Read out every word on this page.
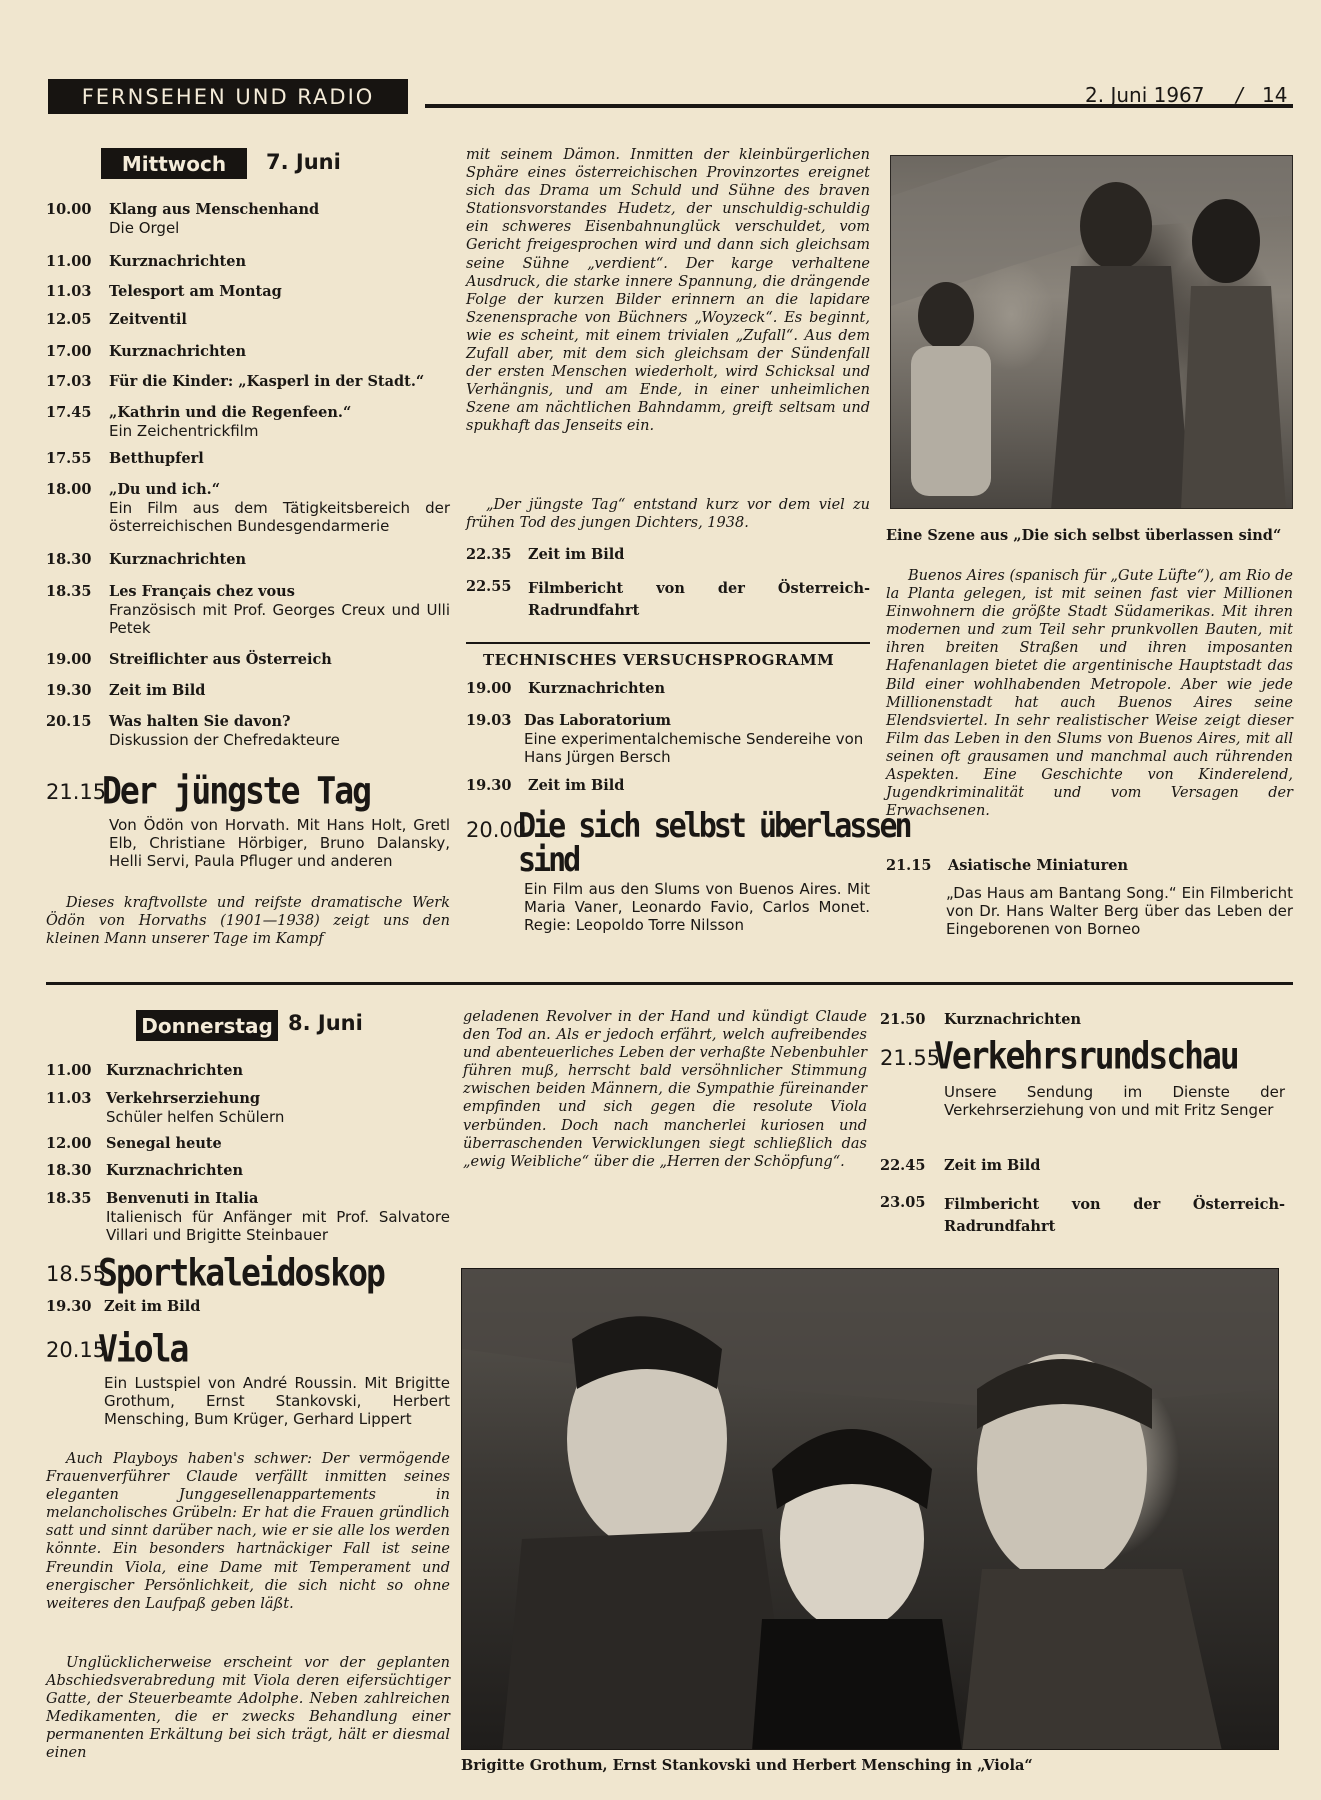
FERNSEHEN UND RADIO	2. Juni 1967 / 14
Mittwoch	7. Juni
10.00 Klang aus Menschenhand
Die Orgel
11.00 Kurznachrichten
11.03 Telesport am Montag
12.05 Zeitventil
17.00 Kurznachrichten
17.03 Für die Kinder: „Kasperl in der Stadt.“
17.45 „Kathrin und die Regenfeen.“
Ein Zeichentrickfilm
17.55 Betthupferl
18.00 „Du und ich.“
Ein Film aus dem Tätigkeitsbereich der österreichischen Bundesgendarmerie
18.30 Kurznachrichten
18.35 Les Français chez vous
Französisch mit Prof. Georges Creux und Ulli Petek
19.00 Streiflichter aus Österreich
19.30 Zeit im Bild
20.15 Was halten Sie davon?
Diskussion der Chefredakteure
21.15
Der jüngste Tag
Von Ödön von Horvath. Mit Hans Holt, Gretl Elb, Christiane Hörbiger, Bruno Dalansky, Helli Servi, Paula Pfluger und anderen
Dieses kraftvollste und reifste dramatische Werk Ödön von Horvaths (1901—1938) zeigt uns den kleinen Mann unserer Tage im Kampf
mit seinem Dämon. Inmitten der kleinbürgerlichen Sphäre eines österreichischen Provinzortes ereignet sich das Drama um Schuld und Sühne des braven Stationsvorstandes Hudetz, der unschuldig-schuldig ein schweres Eisenbahnunglück verschuldet, vom Gericht freigesprochen wird und dann sich gleichsam seine Sühne „verdient“. Der karge verhaltene Ausdruck, die starke innere Spannung, die drängende Folge der kurzen Bilder erinnern an die lapidare Szenensprache von Büchners „Woyzeck“. Es beginnt, wie es scheint, mit einem trivialen „Zufall“. Aus dem Zufall aber, mit dem sich gleichsam der Sündenfall der ersten Menschen wiederholt, wird Schicksal und Verhängnis, und am Ende, in einer unheimlichen Szene am nächtlichen Bahndamm, greift seltsam und spukhaft das Jenseits ein.
„Der jüngste Tag“ entstand kurz vor dem viel zu frühen Tod des jungen Dichters, 1938.
22.35 Zeit im Bild
22.55 Filmbericht von der Österreich-Radrundfahrt
TECHNISCHES VERSUCHSPROGRAMM
19.00 Kurznachrichten
19.03 Das Laboratorium
Eine experimentalchemische Sendereihe von Hans Jürgen Bersch
19.30 Zeit im Bild
20.00
Die sich selbst überlassen
sind
Ein Film aus den Slums von Buenos Aires. Mit Maria Vaner, Leonardo Favio, Carlos Monet. Regie: Leopoldo Torre Nilsson
Eine Szene aus „Die sich selbst überlassen sind“
Buenos Aires (spanisch für „Gute Lüfte“), am Rio de la Planta gelegen, ist mit seinen fast vier Millionen Einwohnern die größte Stadt Südamerikas. Mit ihren modernen und zum Teil sehr prunkvollen Bauten, mit ihren breiten Straßen und ihren imposanten Hafenanlagen bietet die argentinische Hauptstadt das Bild einer wohlhabenden Metropole. Aber wie jede Millionenstadt hat auch Buenos Aires seine Elendsviertel. In sehr realistischer Weise zeigt dieser Film das Leben in den Slums von Buenos Aires, mit all seinen oft grausamen und manchmal auch rührenden Aspekten. Eine Geschichte von Kinderelend, Jugendkriminalität und vom Versagen der Erwachsenen.
21.15 Asiatische Miniaturen
„Das Haus am Bantang Song.“ Ein Filmbericht von Dr. Hans Walter Berg über das Leben der Eingeborenen von Borneo
Donnerstag 8. Juni
11.00 Kurznachrichten
11.03 Verkehrserziehung
Schüler helfen Schülern
12.00 Senegal heute
18.30 Kurznachrichten
18.35 Benvenuti in Italia
Italienisch für Anfänger mit Prof. Salvatore Villari und Brigitte Steinbauer
18.55
Sportkaleidoskop
19.30 Zeit im Bild
20.15
Viola
Ein Lustspiel von André Roussin. Mit Brigitte Grothum, Ernst Stankovski, Herbert Mensching, Bum Krüger, Gerhard Lippert
Auch Playboys haben's schwer: Der vermögende Frauenverführer Claude verfällt inmitten seines eleganten Junggesellenappartements in melancholisches Grübeln: Er hat die Frauen gründlich satt und sinnt darüber nach, wie er sie alle los werden könnte. Ein besonders hartnäckiger Fall ist seine Freundin Viola, eine Dame mit Temperament und energischer Persönlichkeit, die sich nicht so ohne weiteres den Laufpaß geben läßt.
Unglücklicherweise erscheint vor der geplanten Abschiedsverabredung mit Viola deren eifersüchtiger Gatte, der Steuerbeamte Adolphe. Neben zahlreichen Medikamenten, die er zwecks Behandlung einer permanenten Erkältung bei sich trägt, hält er diesmal einen
geladenen Revolver in der Hand und kündigt Claude den Tod an. Als er jedoch erfährt, welch aufreibendes und abenteuerliches Leben der verhaßte Nebenbuhler führen muß, herrscht bald versöhnlicher Stimmung zwischen beiden Männern, die Sympathie füreinander empfinden und sich gegen die resolute Viola verbünden. Doch nach mancherlei kuriosen und überraschenden Verwicklungen siegt schließlich das „ewig Weibliche“ über die „Herren der Schöpfung“.
21.50 Kurznachrichten
21.55
Verkehrsrundschau
Unsere Sendung im Dienste der Verkehrserziehung von und mit Fritz Senger
22.45 Zeit im Bild
23.05 Filmbericht von der Österreich-Radrundfahrt
Brigitte Grothum, Ernst Stankovski und Herbert Mensching in „Viola“
